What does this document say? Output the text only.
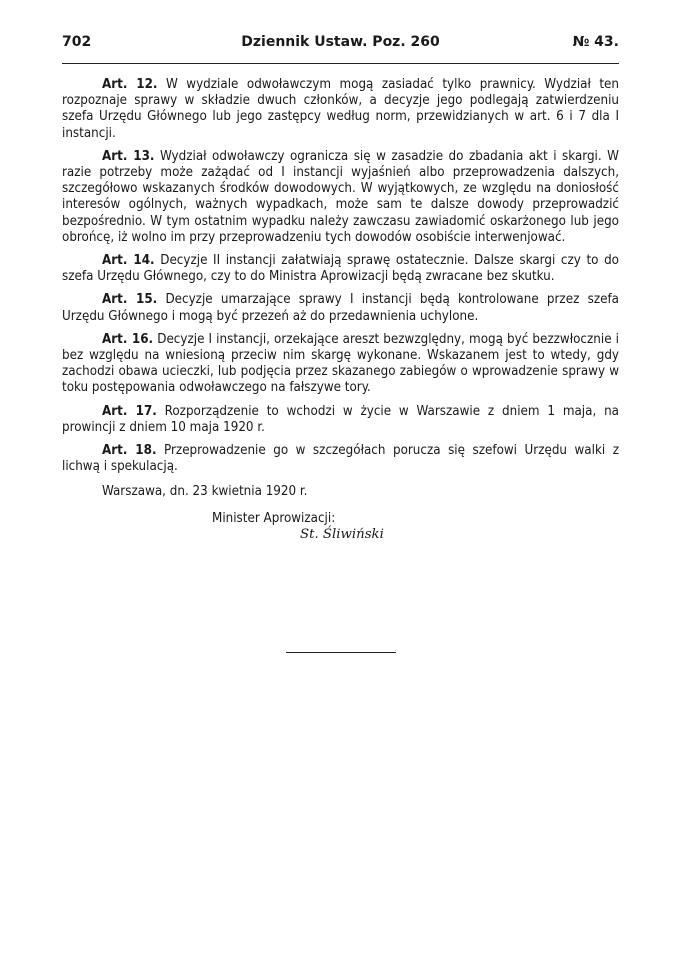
702	Dziennik Ustaw. Poz. 260	№ 43.

Art. 12. W wydziale odwoławczym mogą zasiadać tylko prawnicy. Wydział ten rozpoznaje sprawy w składzie dwuch członków, a decyzje jego podlegają zatwierdzeniu szefa Urzędu Głównego lub jego zastępcy według norm, przewidzianych w art. 6 i 7 dla I instancji.

Art. 13. Wydział odwoławczy ogranicza się w zasadzie do zbadania akt i skargi. W razie potrzeby może zażądać od I instancji wyjaśnień albo przeprowadzenia dalszych, szczegółowo wskazanych środków dowodowych. W wyjątkowych, ze względu na doniosłość interesów ogólnych, ważnych wypadkach, może sam te dalsze dowody przeprowadzić bezpośrednio. W tym ostatnim wypadku należy zawczasu zawiadomić oskarżonego lub jego obrońcę, iż wolno im przy przeprowadzeniu tych dowodów osobiście interwenjować.

Art. 14. Decyzje II instancji załatwiają sprawę ostatecznie. Dalsze skargi czy to do szefa Urzędu Głównego, czy to do Ministra Aprowizacji będą zwracane bez skutku.

Art. 15. Decyzje umarzające sprawy I instancji będą kontrolowane przez szefa Urzędu Głównego i mogą być przezeń aż do przedawnienia uchylone.

Art. 16. Decyzje I instancji, orzekające areszt bezwzględny, mogą być bezzwłocznie i bez względu na wniesioną przeciw nim skargę wykonane. Wskazanem jest to wtedy, gdy zachodzi obawa ucieczki, lub podjęcia przez skazanego zabiegów o wprowadzenie sprawy w toku postępowania odwoławczego na fałszywe tory.

Art. 17. Rozporządzenie to wchodzi w życie w Warszawie z dniem 1 maja, na prowincji z dniem 10 maja 1920 r.

Art. 18. Przeprowadzenie go w szczegółach porucza się szefowi Urzędu walki z lichwą i spekulacją.

Warszawa, dn. 23 kwietnia 1920 r.

Minister Aprowizacji:
St. Śliwiński
